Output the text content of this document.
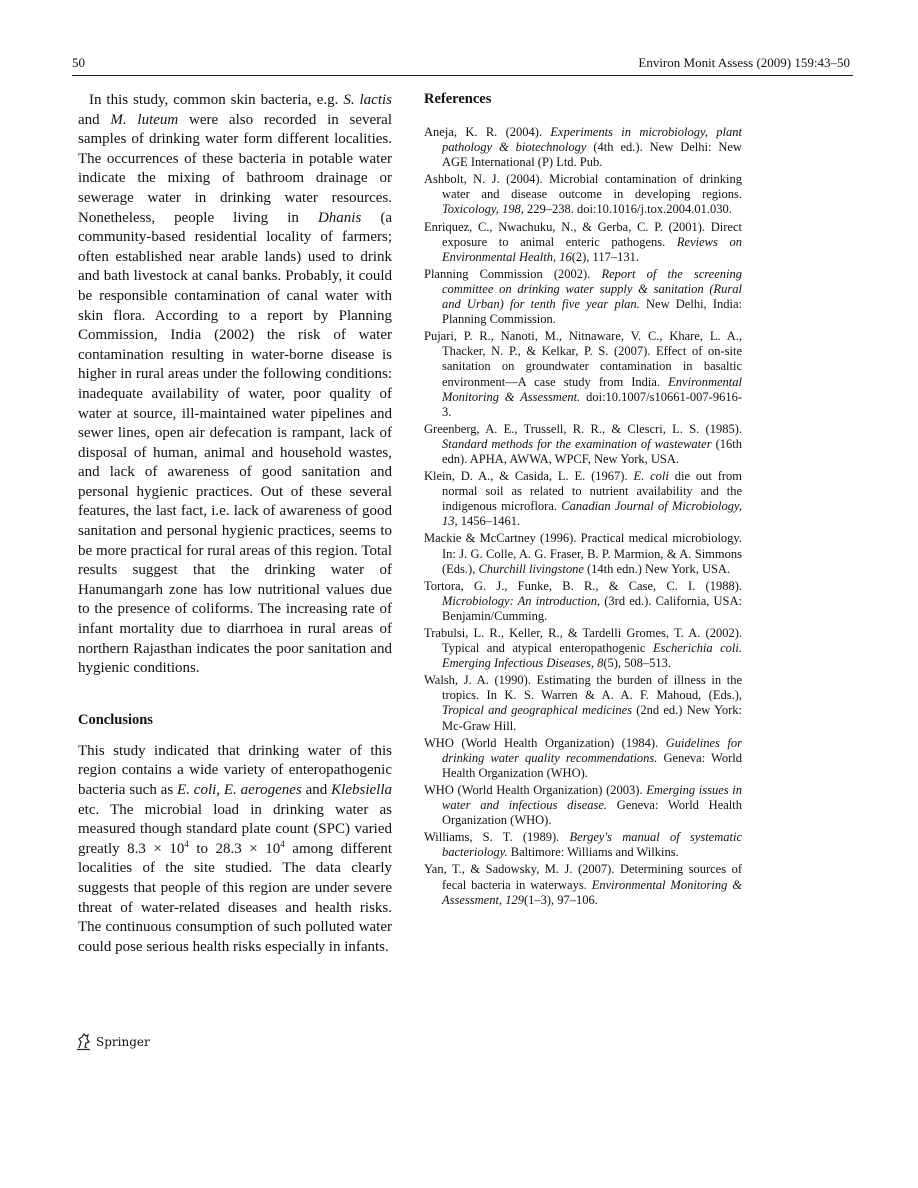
50	Environ Monit Assess (2009) 159:43–50

In this study, common skin bacteria, e.g. S. lactis and M. luteum were also recorded in several samples of drinking water form different localities. The occurrences of these bacteria in potable water indicate the mixing of bathroom drainage or sewerage water in drinking water resources. Nonetheless, people living in Dhanis (a community-based residential locality of farmers; often established near arable lands) used to drink and bath livestock at canal banks. Probably, it could be responsible contamination of canal water with skin flora. According to a report by Planning Commission, India (2002) the risk of water contamination resulting in water-borne disease is higher in rural areas under the following conditions: inadequate availability of water, poor quality of water at source, ill-maintained water pipelines and sewer lines, open air defecation is rampant, lack of disposal of human, animal and household wastes, and lack of awareness of good sanitation and personal hygienic practices. Out of these several features, the last fact, i.e. lack of awareness of good sanitation and personal hygienic practices, seems to be more practical for rural areas of this region. Total results suggest that the drinking water of Hanumangarh zone has low nutritional values due to the presence of coliforms. The increasing rate of infant mortality due to diarrhoea in rural areas of northern Rajasthan indicates the poor sanitation and hygienic conditions.

Conclusions

This study indicated that drinking water of this region contains a wide variety of enteropathogenic bacteria such as E. coli, E. aerogenes and Klebsiella etc. The microbial load in drinking water as measured though standard plate count (SPC) varied greatly $8.3 \times 10^4$ to $28.3 \times 10^4$ among different localities of the site studied. The data clearly suggests that people of this region are under severe threat of water-related diseases and health risks. The continuous consumption of such polluted water could pose serious health risks especially in infants.

References
Aneja, K. R. (2004). Experiments in microbiology, plant pathology & biotechnology (4th ed.). New Delhi: New AGE International (P) Ltd. Pub.
Ashbolt, N. J. (2004). Microbial contamination of drinking water and disease outcome in developing regions. Toxicology, 198, 229–238. doi:10.1016/j.tox.2004.01.030.
Enriquez, C., Nwachuku, N., & Gerba, C. P. (2001). Direct exposure to animal enteric pathogens. Reviews on Environmental Health, 16(2), 117–131.
Planning Commission (2002). Report of the screening committee on drinking water supply & sanitation (Rural and Urban) for tenth five year plan. New Delhi, India: Planning Commission.
Pujari, P. R., Nanoti, M., Nitnaware, V. C., Khare, L. A., Thacker, N. P., & Kelkar, P. S. (2007). Effect of on-site sanitation on groundwater contamination in basaltic environment—A case study from India. Environmental Monitoring & Assessment. doi:10.1007/s10661-007-9616-3.
Greenberg, A. E., Trussell, R. R., & Clescri, L. S. (1985). Standard methods for the examination of wastewater (16th edn). APHA, AWWA, WPCF, New York, USA.
Klein, D. A., & Casida, L. E. (1967). E. coli die out from normal soil as related to nutrient availability and the indigenous microflora. Canadian Journal of Microbiology, 13, 1456–1461.
Mackie & McCartney (1996). Practical medical microbiology. In: J. G. Colle, A. G. Fraser, B. P. Marmion, & A. Simmons (Eds.), Churchill livingstone (14th edn.) New York, USA.
Tortora, G. J., Funke, B. R., & Case, C. I. (1988). Microbiology: An introduction, (3rd ed.). California, USA: Benjamin/Cumming.
Trabulsi, L. R., Keller, R., & Tardelli Gromes, T. A. (2002). Typical and atypical enteropathogenic Escherichia coli. Emerging Infectious Diseases, 8(5), 508–513.
Walsh, J. A. (1990). Estimating the burden of illness in the tropics. In K. S. Warren & A. A. F. Mahoud, (Eds.), Tropical and geographical medicines (2nd ed.) New York: Mc-Graw Hill.
WHO (World Health Organization) (1984). Guidelines for drinking water quality recommendations. Geneva: World Health Organization (WHO).
WHO (World Health Organization) (2003). Emerging issues in water and infectious disease. Geneva: World Health Organization (WHO).
Williams, S. T. (1989). Bergey's manual of systematic bacteriology. Baltimore: Williams and Wilkins.
Yan, T., & Sadowsky, M. J. (2007). Determining sources of fecal bacteria in waterways. Environmental Monitoring & Assessment, 129(1–3), 97–106.
Springer
